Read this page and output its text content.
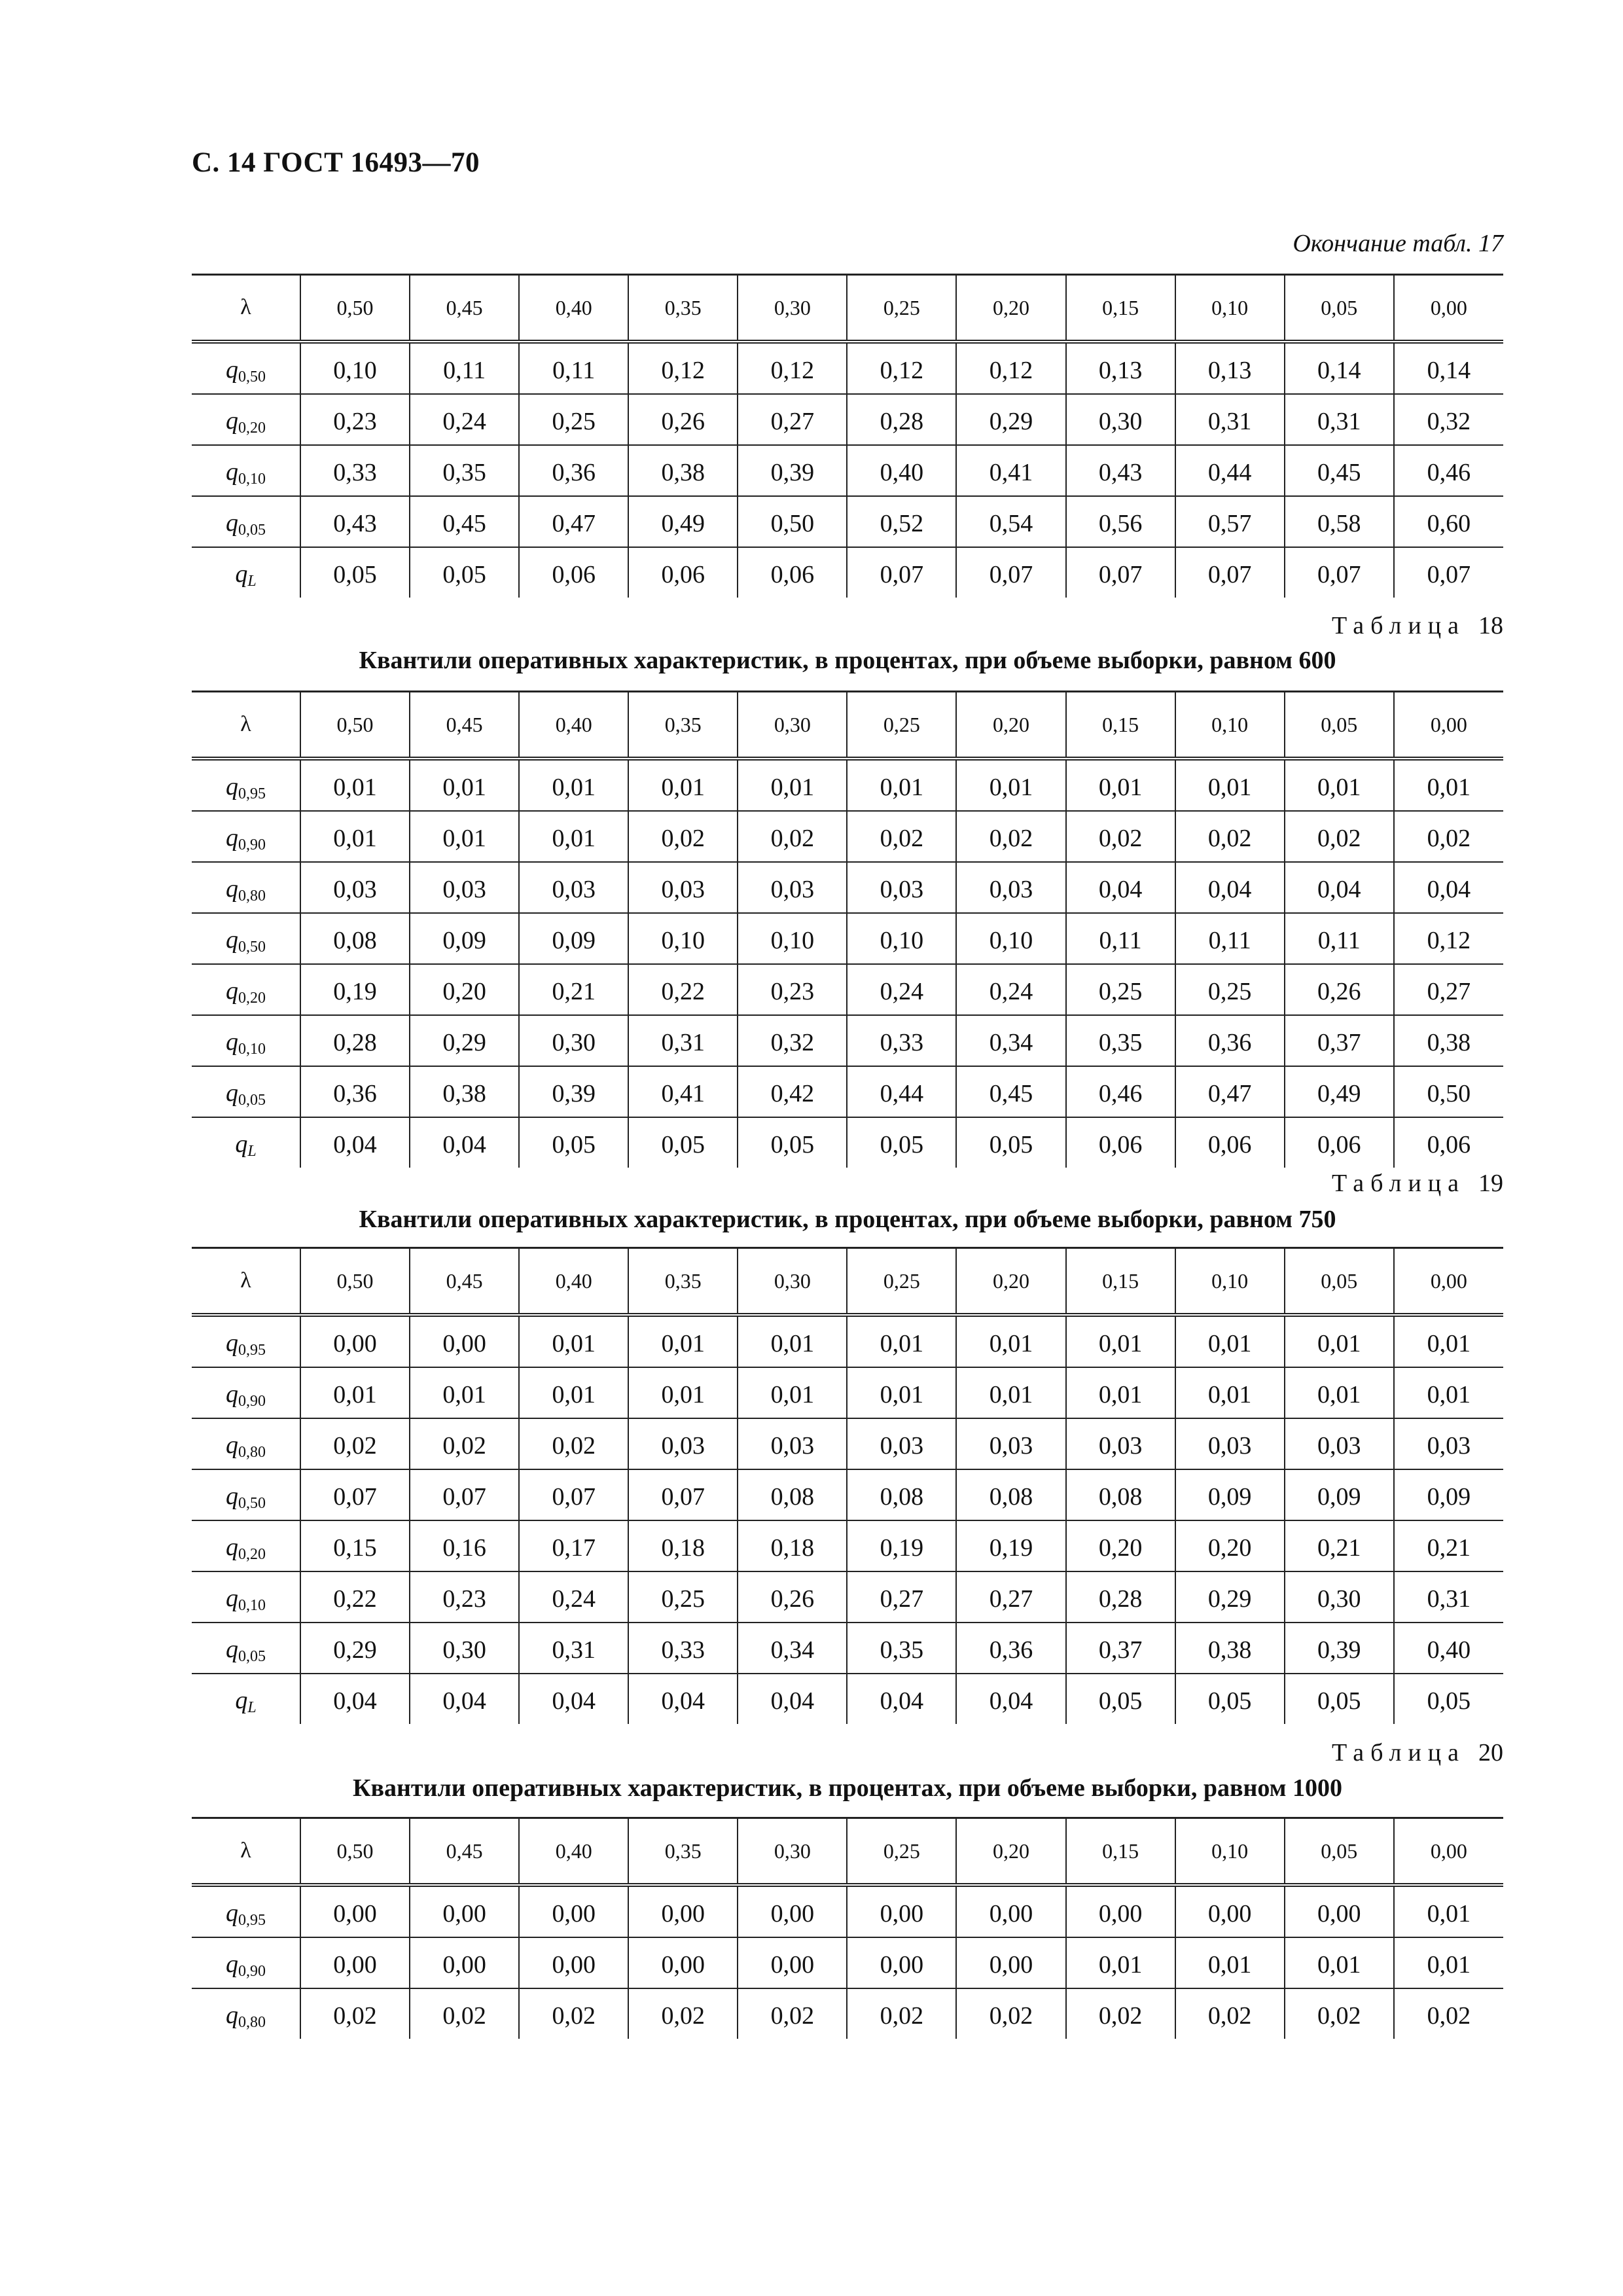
С. 14 ГОСТ 16493—70
Окончание табл. 17
λ	0,50	0,45	0,40	0,35	0,30	0,25	0,20	0,15	0,10	0,05	0,00
$q_{0,50}$	0,10	0,11	0,11	0,12	0,12	0,12	0,12	0,13	0,13	0,14	0,14
$q_{0,20}$	0,23	0,24	0,25	0,26	0,27	0,28	0,29	0,30	0,31	0,31	0,32
$q_{0,10}$	0,33	0,35	0,36	0,38	0,39	0,40	0,41	0,43	0,44	0,45	0,46
$q_{0,05}$	0,43	0,45	0,47	0,49	0,50	0,52	0,54	0,56	0,57	0,58	0,60
$q_L$	0,05	0,05	0,06	0,06	0,06	0,07	0,07	0,07	0,07	0,07	0,07
Таблица 18
Квантили оперативных характеристик, в процентах, при объеме выборки, равном 600
λ	0,50	0,45	0,40	0,35	0,30	0,25	0,20	0,15	0,10	0,05	0,00
$q_{0,95}$	0,01	0,01	0,01	0,01	0,01	0,01	0,01	0,01	0,01	0,01	0,01
$q_{0,90}$	0,01	0,01	0,01	0,02	0,02	0,02	0,02	0,02	0,02	0,02	0,02
$q_{0,80}$	0,03	0,03	0,03	0,03	0,03	0,03	0,03	0,04	0,04	0,04	0,04
$q_{0,50}$	0,08	0,09	0,09	0,10	0,10	0,10	0,10	0,11	0,11	0,11	0,12
$q_{0,20}$	0,19	0,20	0,21	0,22	0,23	0,24	0,24	0,25	0,25	0,26	0,27
$q_{0,10}$	0,28	0,29	0,30	0,31	0,32	0,33	0,34	0,35	0,36	0,37	0,38
$q_{0,05}$	0,36	0,38	0,39	0,41	0,42	0,44	0,45	0,46	0,47	0,49	0,50
$q_L$	0,04	0,04	0,05	0,05	0,05	0,05	0,05	0,06	0,06	0,06	0,06
Таблица 19
Квантили оперативных характеристик, в процентах, при объеме выборки, равном 750
λ	0,50	0,45	0,40	0,35	0,30	0,25	0,20	0,15	0,10	0,05	0,00
$q_{0,95}$	0,00	0,00	0,01	0,01	0,01	0,01	0,01	0,01	0,01	0,01	0,01
$q_{0,90}$	0,01	0,01	0,01	0,01	0,01	0,01	0,01	0,01	0,01	0,01	0,01
$q_{0,80}$	0,02	0,02	0,02	0,03	0,03	0,03	0,03	0,03	0,03	0,03	0,03
$q_{0,50}$	0,07	0,07	0,07	0,07	0,08	0,08	0,08	0,08	0,09	0,09	0,09
$q_{0,20}$	0,15	0,16	0,17	0,18	0,18	0,19	0,19	0,20	0,20	0,21	0,21
$q_{0,10}$	0,22	0,23	0,24	0,25	0,26	0,27	0,27	0,28	0,29	0,30	0,31
$q_{0,05}$	0,29	0,30	0,31	0,33	0,34	0,35	0,36	0,37	0,38	0,39	0,40
$q_L$	0,04	0,04	0,04	0,04	0,04	0,04	0,04	0,05	0,05	0,05	0,05
Таблица 20
Квантили оперативных характеристик, в процентах, при объеме выборки, равном 1000
λ	0,50	0,45	0,40	0,35	0,30	0,25	0,20	0,15	0,10	0,05	0,00
$q_{0,95}$	0,00	0,00	0,00	0,00	0,00	0,00	0,00	0,00	0,00	0,00	0,01
$q_{0,90}$	0,00	0,00	0,00	0,00	0,00	0,00	0,00	0,01	0,01	0,01	0,01
$q_{0,80}$	0,02	0,02	0,02	0,02	0,02	0,02	0,02	0,02	0,02	0,02	0,02
